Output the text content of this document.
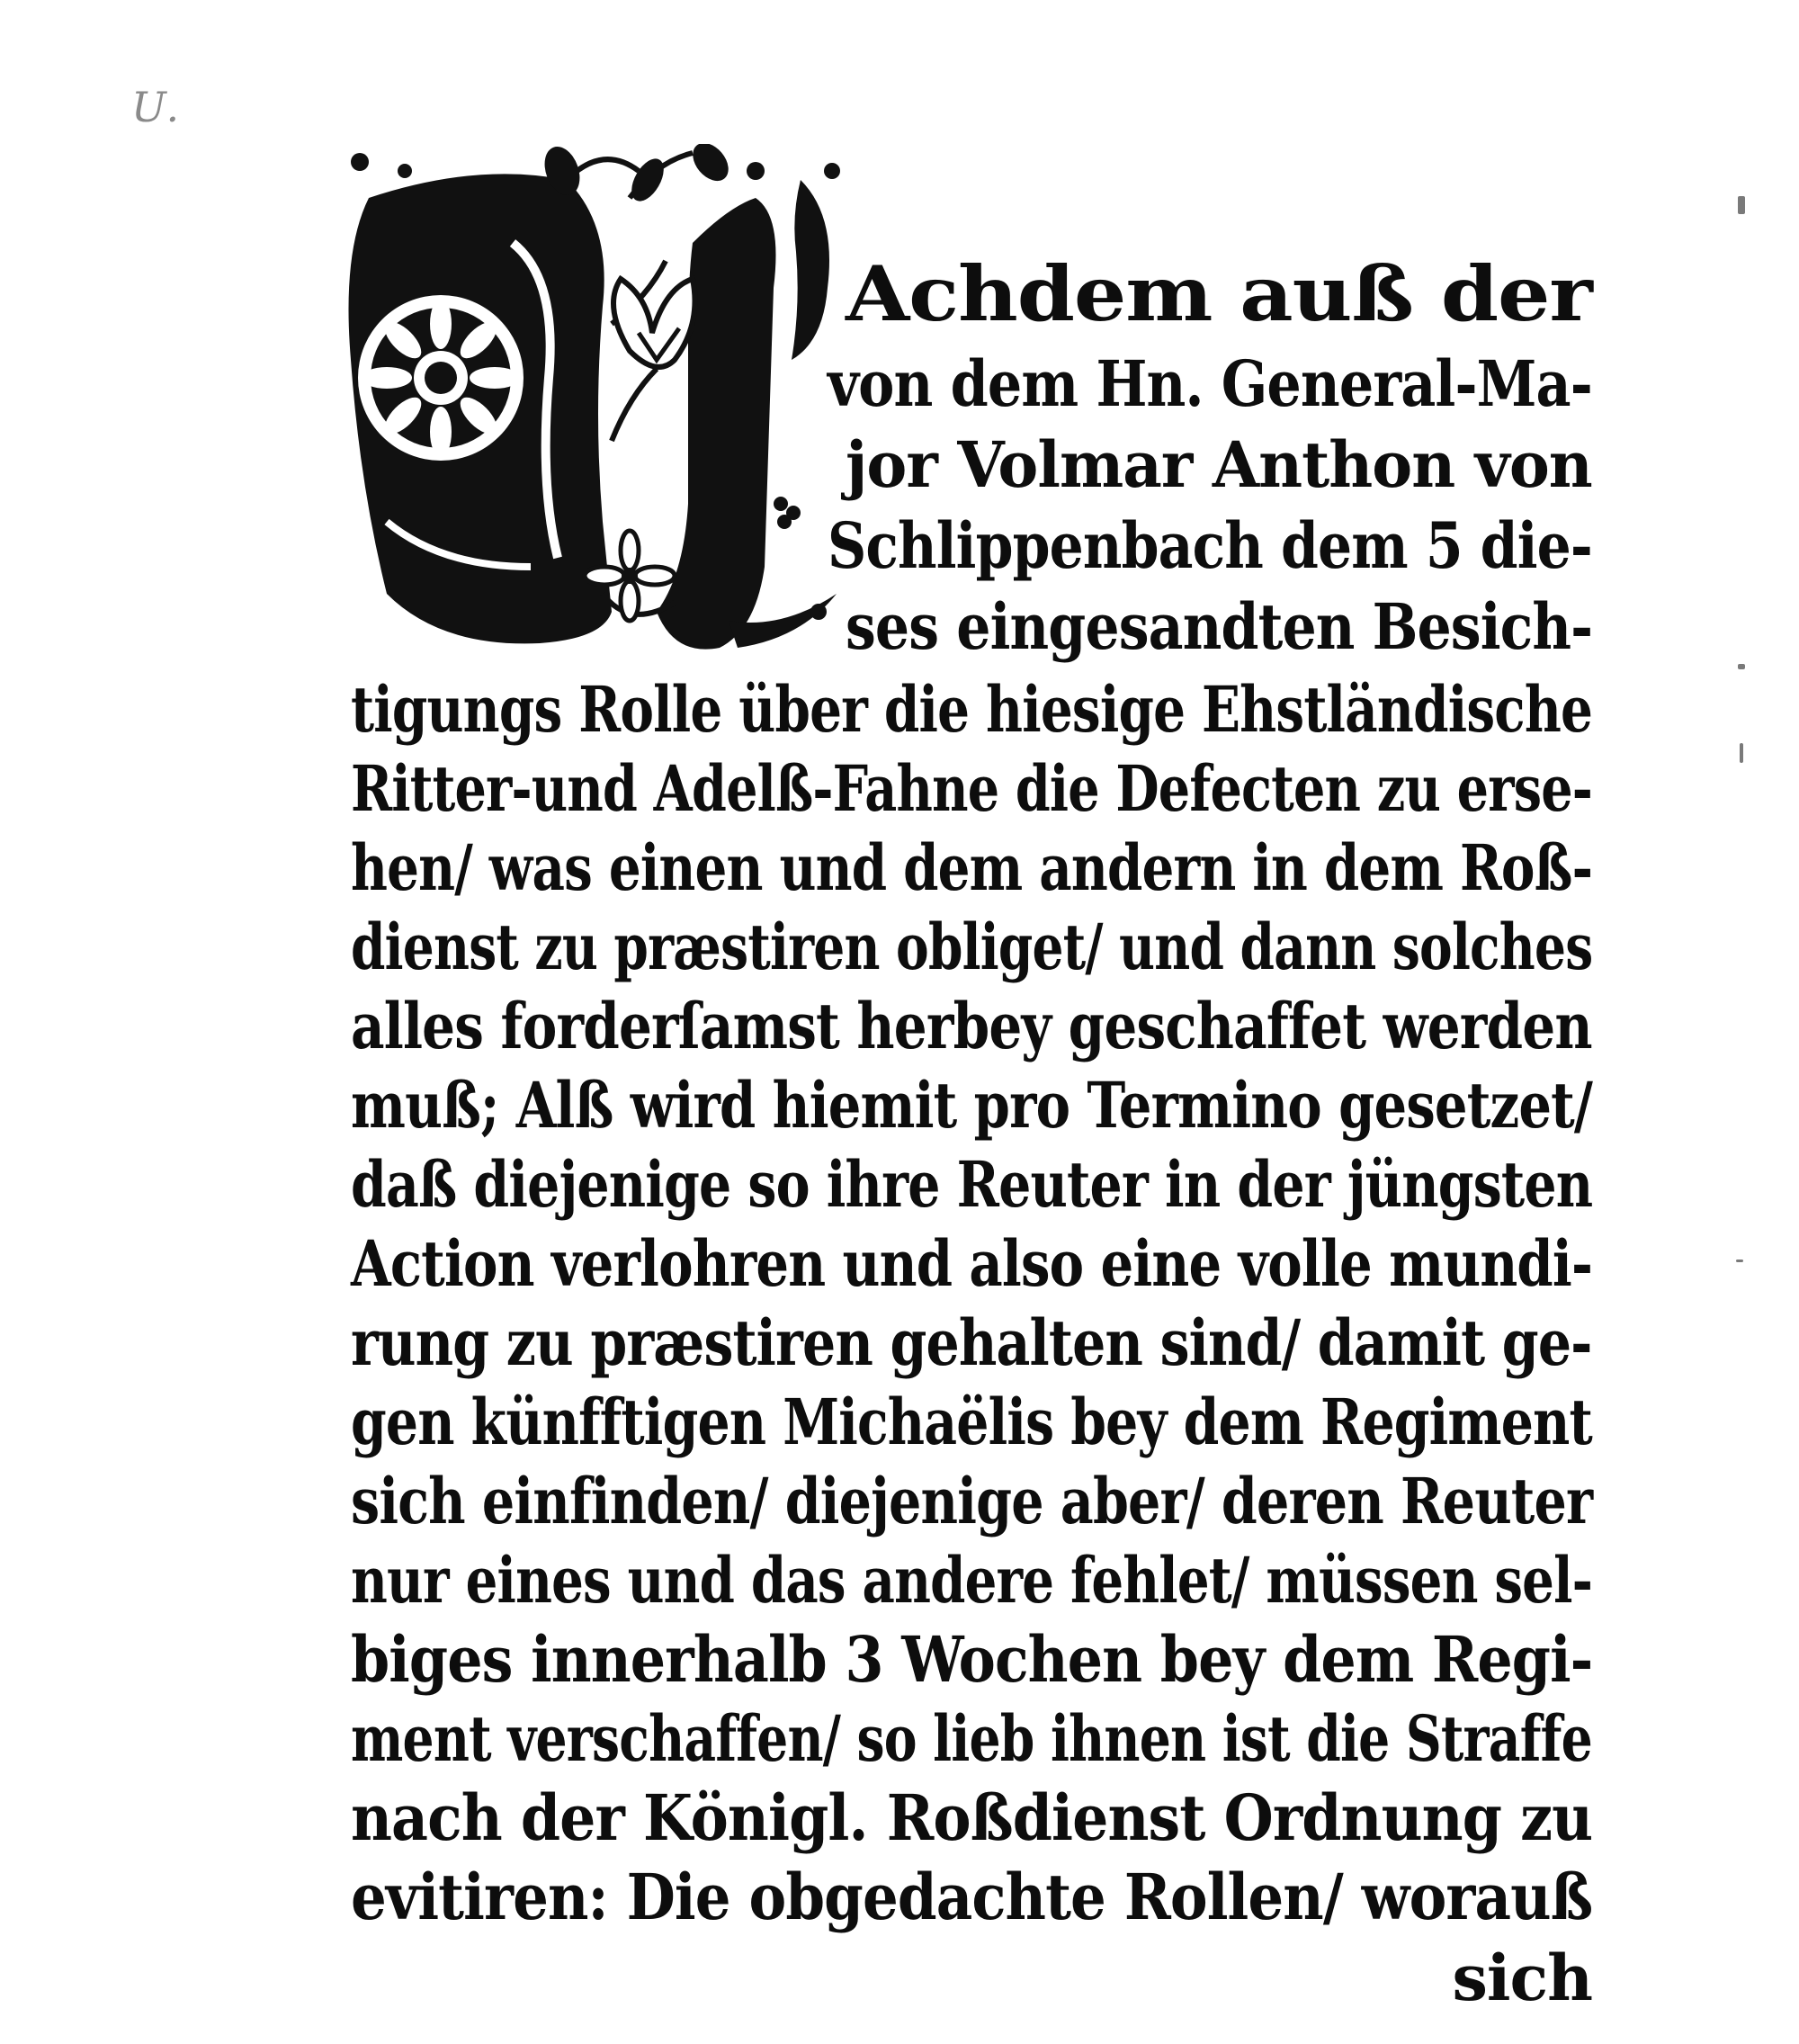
U.
Achdem auß der
von dem Hn. General-Ma-
jor Volmar Anthon von
Schlippenbach dem 5 die-
ses eingesandten Besich-
tigungs Rolle über die hiesige Ehstländische
Ritter-und Adelß-Fahne die Defecten zu erse-
hen/ was einen und dem andern in dem Roß-
dienst zu præstiren obliget/ und dann solches
alles forderſamst herbey geschaffet werden
muß; Alß wird hiemit pro Termino gesetzet/
daß diejenige so ihre Reuter in der jüngsten
Action verlohren und also eine volle mundi-
rung zu præstiren gehalten sind/ damit ge-
gen künfftigen Michaëlis bey dem Regiment
sich einfinden/ diejenige aber/ deren Reuter
nur eines und das andere fehlet/ müssen sel-
biges innerhalb 3 Wochen bey dem Regi-
ment verschaffen/ so lieb ihnen ist die Straffe
nach der Königl. Roßdienst Ordnung zu
evitiren: Die obgedachte Rollen/ worauß
sich
